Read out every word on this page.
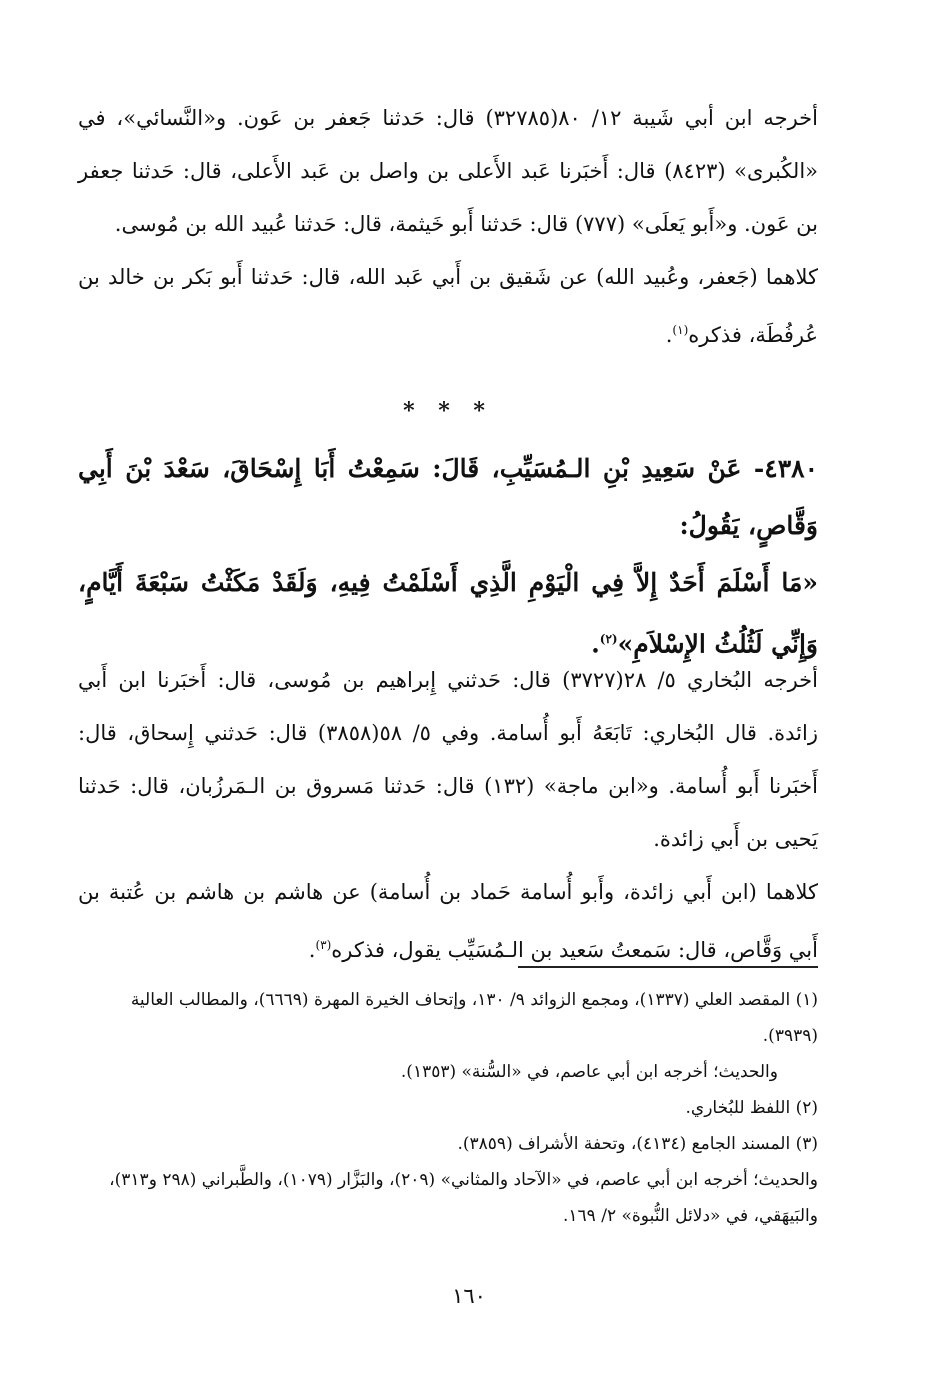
أخرجه ابن أبي شَيبة ١٢/ ٨٠(٣٢٧٨٥) قال: حَدثنا جَعفر بن عَون. و«النَّسائي»، في «الكُبرى» (٨٤٢٣) قال: أَخبَرنا عَبد الأَعلى بن واصل بن عَبد الأَعلى، قال: حَدثنا جعفر بن عَون. و«أَبو يَعلَى» (٧٧٧) قال: حَدثنا أَبو خَيثمة، قال: حَدثنا عُبيد الله بن مُوسى.

كلاهما (جَعفر، وعُبيد الله) عن شَقيق بن أَبي عَبد الله، قال: حَدثنا أَبو بَكر بن خالد بن عُرفُطَة، فذكره$^{(١)}$.

* * *

٤٣٨٠- عَنْ سَعِيدِ بْنِ الـمُسَيِّبِ، قَالَ: سَمِعْتُ أَبَا إِسْحَاقَ، سَعْدَ بْنَ أَبِي وَقَّاصٍ، يَقُولُ:

«مَا أَسْلَمَ أَحَدٌ إِلاَّ فِي الْيَوْمِ الَّذِي أَسْلَمْتُ فِيهِ، وَلَقَدْ مَكَثْتُ سَبْعَةَ أَيَّامٍ، وَإِنِّي لَثُلُثُ الإِسْلاَمِ»$^{(٢)}$.

أخرجه البُخاري ٥/ ٢٨(٣٧٢٧) قال: حَدثني إِبراهيم بن مُوسى، قال: أَخبَرنا ابن أَبي زائدة. قال البُخاري: تَابَعَهُ أَبو أُسامة. وفي ٥/ ٥٨(٣٨٥٨) قال: حَدثني إِسحاق، قال: أَخبَرنا أَبو أُسامة. و«ابن ماجة» (١٣٢) قال: حَدثنا مَسروق بن الـمَرزُبان، قال: حَدثنا يَحيى بن أَبي زائدة.

كلاهما (ابن أَبي زائدة، وأَبو أُسامة حَماد بن أُسامة) عن هاشم بن هاشم بن عُتبة بن أَبي وَقَّاص، قال: سَمعتُ سَعيد بن الـمُسَيِّب يقول، فذكره$^{(٣)}$.

(١) المقصد العلي (١٣٣٧)، ومجمع الزوائد ٩/ ١٣٠، وإتحاف الخيرة المهرة (٦٦٦٩)، والمطالب العالية (٣٩٣٩).

والحديث؛ أخرجه ابن أبي عاصم، في «السُّنة» (١٣٥٣).

(٢) اللفظ للبُخاري.

(٣) المسند الجامع (٤١٣٤)، وتحفة الأشراف (٣٨٥٩).

والحديث؛ أخرجه ابن أبي عاصم، في «الآحاد والمثاني» (٢٠٩)، والبَزَّار (١٠٧٩)، والطَّبراني (٢٩٨ و٣١٣)، والبَيهَقي، في «دلائل النُّبوة» ٢/ ١٦٩.

١٦٠
